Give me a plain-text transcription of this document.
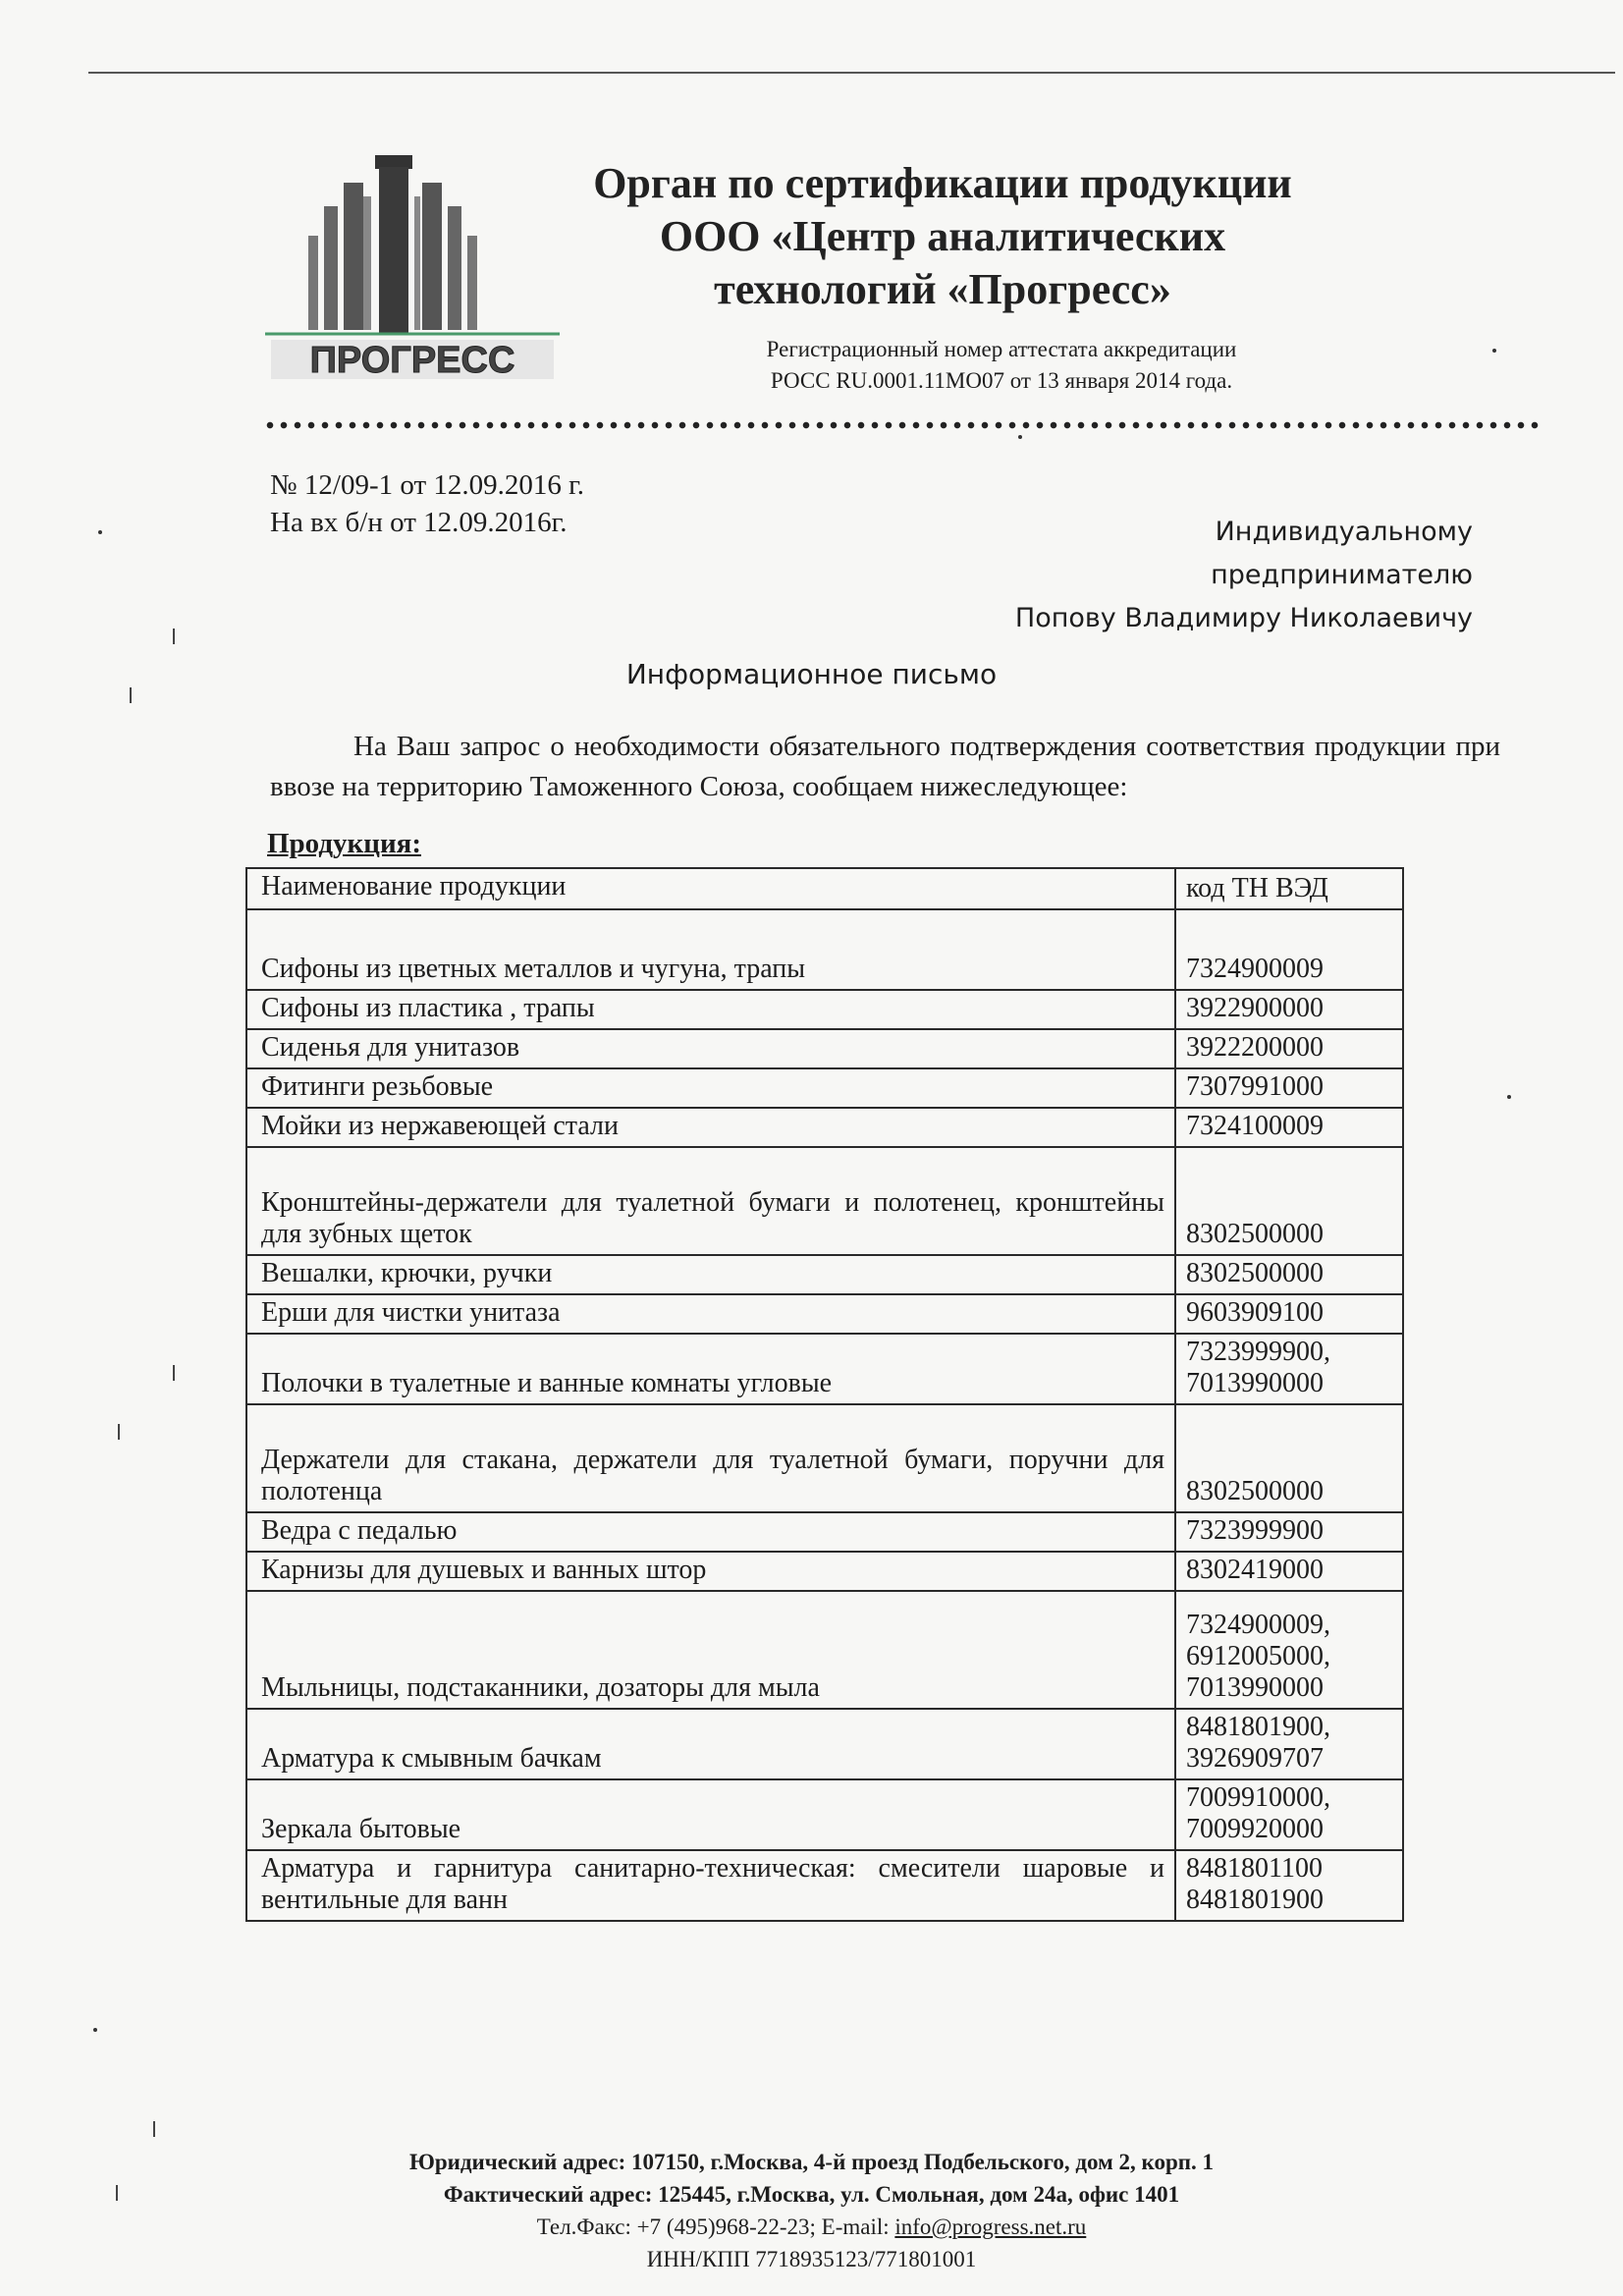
ПРОГРЕСС
Орган по сертификации продукции
ООО «Центр аналитических
технологий «Прогресс»
Регистрационный номер аттестата аккредитации
РОСС RU.0001.11МО07 от 13 января 2014 года.
№ 12/09-1 от 12.09.2016 г.
На вх б/н от 12.09.2016г.	Индивидуальному предпринимателю
Попову Владимиру Николаевичу
Информационное письмо
На Ваш запрос о необходимости обязательного подтверждения соответствия продукции при ввозе на территорию Таможенного Союза, сообщаем нижеследующее:
Продукция:
Наименование продукции	код ТН ВЭД
Сифоны из цветных металлов и чугуна, трапы	7324900009
Сифоны из пластика , трапы	3922900000
Сиденья для унитазов	3922200000
Фитинги резьбовые	7307991000
Мойки из нержавеющей стали	7324100009
Кронштейны-держатели для туалетной бумаги и полотенец, кронштейны для зубных щеток	8302500000
Вешалки, крючки, ручки	8302500000
Ерши для чистки унитаза	9603909100
Полочки в туалетные и ванные комнаты угловые	7323999900,
7013990000
Держатели для стакана, держатели для туалетной бумаги, поручни для полотенца	8302500000
Ведра с педалью	7323999900
Карнизы для душевых и ванных штор	8302419000
Мыльницы, подстаканники, дозаторы для мыла	7324900009,
6912005000,
7013990000
Арматура к смывным бачкам	8481801900,
3926909707
Зеркала бытовые	7009910000,
7009920000
Арматура и гарнитура санитарно-техническая: смесители шаровые и вентильные для ванн	8481801100
8481801900
Юридический адрес: 107150, г.Москва, 4-й проезд Подбельского, дом 2, корп. 1
Фактический адрес: 125445, г.Москва, ул. Смольная, дом 24а, офис 1401
Тел.Факс: +7 (495)968-22-23; E-mail: info@progress.net.ru
ИНН/КПП 7718935123/771801001
